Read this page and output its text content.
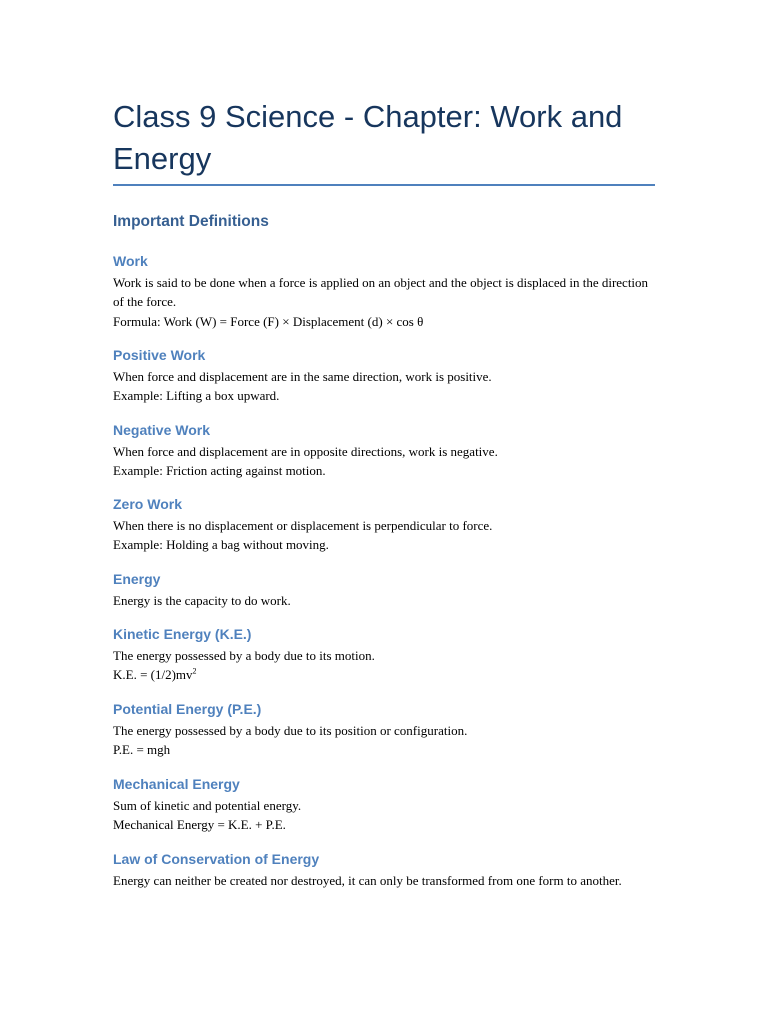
Class 9 Science - Chapter: Work and Energy
Important Definitions
Work

Work is said to be done when a force is applied on an object and the object is displaced in the direction of the force.

Formula: Work (W) = Force (F) × Displacement (d) × cos θ

Positive Work

When force and displacement are in the same direction, work is positive.

Example: Lifting a box upward.

Negative Work

When force and displacement are in opposite directions, work is negative.

Example: Friction acting against motion.

Zero Work

When there is no displacement or displacement is perpendicular to force.

Example: Holding a bag without moving.

Energy

Energy is the capacity to do work.

Kinetic Energy (K.E.)

The energy possessed by a body due to its motion.

K.E. = $(1/2)mv^2$

Potential Energy (P.E.)

The energy possessed by a body due to its position or configuration.

P.E. = mgh

Mechanical Energy

Sum of kinetic and potential energy.

Mechanical Energy = K.E. + P.E.

Law of Conservation of Energy

Energy can neither be created nor destroyed, it can only be transformed from one form to another.
